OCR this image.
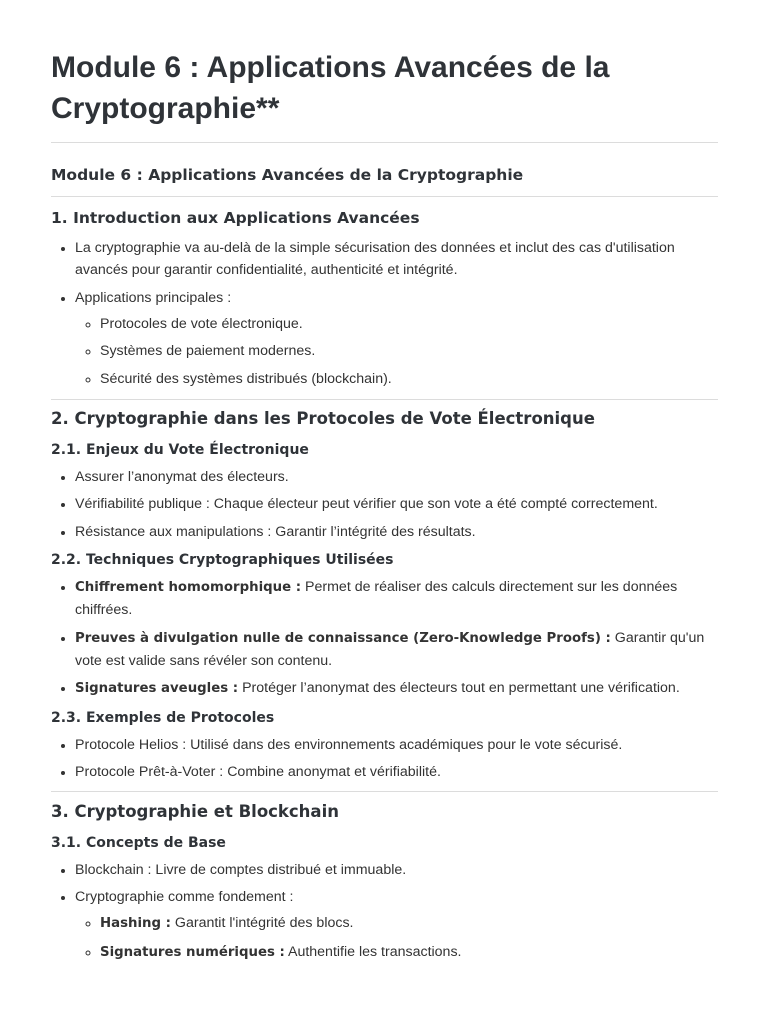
Module 6 : Applications Avancées de la Cryptographie**
Module 6 : Applications Avancées de la Cryptographie
1. Introduction aux Applications Avancées
• La cryptographie va au-delà de la simple sécurisation des données et inclut des cas d'utilisation avancés pour garantir confidentialité, authenticité et intégrité.
• Applications principales :
◦ Protocoles de vote électronique.
◦ Systèmes de paiement modernes.
◦ Sécurité des systèmes distribués (blockchain).
2. Cryptographie dans les Protocoles de Vote Électronique
2.1. Enjeux du Vote Électronique
• Assurer l’anonymat des électeurs.
• Vérifiabilité publique : Chaque électeur peut vérifier que son vote a été compté correctement.
• Résistance aux manipulations : Garantir l’intégrité des résultats.
2.2. Techniques Cryptographiques Utilisées
• Chiffrement homomorphique : Permet de réaliser des calculs directement sur les données chiffrées.
• Preuves à divulgation nulle de connaissance (Zero-Knowledge Proofs) : Garantir qu'un vote est valide sans révéler son contenu.
• Signatures aveugles : Protéger l’anonymat des électeurs tout en permettant une vérification.
2.3. Exemples de Protocoles
• Protocole Helios : Utilisé dans des environnements académiques pour le vote sécurisé.
• Protocole Prêt-à-Voter : Combine anonymat et vérifiabilité.
3. Cryptographie et Blockchain
3.1. Concepts de Base
• Blockchain : Livre de comptes distribué et immuable.
• Cryptographie comme fondement :
◦ Hashing : Garantit l'intégrité des blocs.
◦ Signatures numériques : Authentifie les transactions.
